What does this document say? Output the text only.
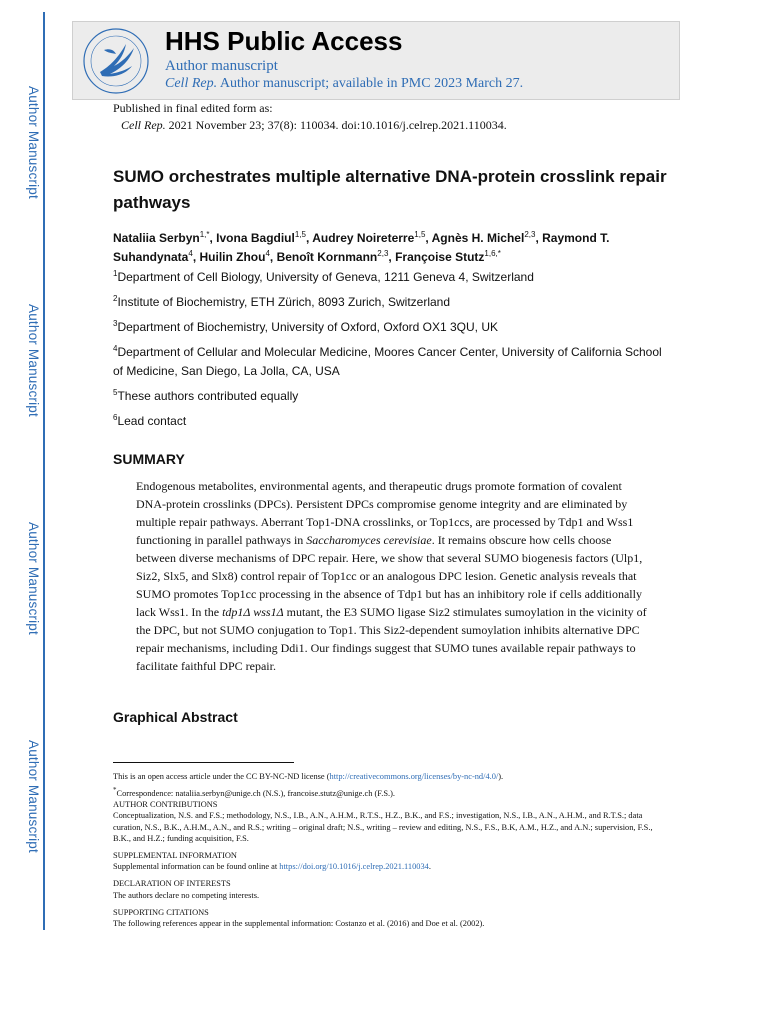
Author Manuscript
Author Manuscript
Author Manuscript
Author Manuscript
HHS Public Access
Author manuscript
Cell Rep. Author manuscript; available in PMC 2023 March 27.
Published in final edited form as:
Cell Rep. 2021 November 23; 37(8): 110034. doi:10.1016/j.celrep.2021.110034.
SUMO orchestrates multiple alternative DNA-protein crosslink repair pathways
Nataliia Serbyn$^{1,*}$, Ivona Bagdiul$^{1,5}$, Audrey Noireterre$^{1,5}$, Agnès H. Michel$^{2,3}$, Raymond T. Suhandynata$^4$, Huilin Zhou$^4$, Benoît Kornmann$^{2,3}$, Françoise Stutz$^{1,6,*}$
$^1$Department of Cell Biology, University of Geneva, 1211 Geneva 4, Switzerland
$^2$Institute of Biochemistry, ETH Zürich, 8093 Zurich, Switzerland
$^3$Department of Biochemistry, University of Oxford, Oxford OX1 3QU, UK
$^4$Department of Cellular and Molecular Medicine, Moores Cancer Center, University of California School of Medicine, San Diego, La Jolla, CA, USA
$^5$These authors contributed equally
$^6$Lead contact
SUMMARY
Endogenous metabolites, environmental agents, and therapeutic drugs promote formation of covalent DNA-protein crosslinks (DPCs). Persistent DPCs compromise genome integrity and are eliminated by multiple repair pathways. Aberrant Top1-DNA crosslinks, or Top1ccs, are processed by Tdp1 and Wss1 functioning in parallel pathways in Saccharomyces cerevisiae. It remains obscure how cells choose between diverse mechanisms of DPC repair. Here, we show that several SUMO biogenesis factors (Ulp1, Siz2, Slx5, and Slx8) control repair of Top1cc or an analogous DPC lesion. Genetic analysis reveals that SUMO promotes Top1cc processing in the absence of Tdp1 but has an inhibitory role if cells additionally lack Wss1. In the tdp1Δ wss1Δ mutant, the E3 SUMO ligase Siz2 stimulates sumoylation in the vicinity of the DPC, but not SUMO conjugation to Top1. This Siz2-dependent sumoylation inhibits alternative DPC repair mechanisms, including Ddi1. Our findings suggest that SUMO tunes available repair pathways to facilitate faithful DPC repair.
Graphical Abstract
This is an open access article under the CC BY-NC-ND license (http://creativecommons.org/licenses/by-nc-nd/4.0/).
*Correspondence: nataliia.serbyn@unige.ch (N.S.), francoise.stutz@unige.ch (F.S.).
AUTHOR CONTRIBUTIONS
Conceptualization, N.S. and F.S.; methodology, N.S., I.B., A.N., A.H.M., R.T.S., H.Z., B.K., and F.S.; investigation, N.S., I.B., A.N., A.H.M., and R.T.S.; data curation, N.S., B.K., A.H.M., A.N., and R.S.; writing – original draft; N.S., writing – review and editing, N.S., F.S., B.K, A.M., H.Z., and A.N.; supervision, F.S., B.K., and H.Z.; funding acquisition, F.S.
SUPPLEMENTAL INFORMATION
Supplemental information can be found online at https://doi.org/10.1016/j.celrep.2021.110034.
DECLARATION OF INTERESTS
The authors declare no competing interests.
SUPPORTING CITATIONS
The following references appear in the supplemental information: Costanzo et al. (2016) and Doe et al. (2002).
